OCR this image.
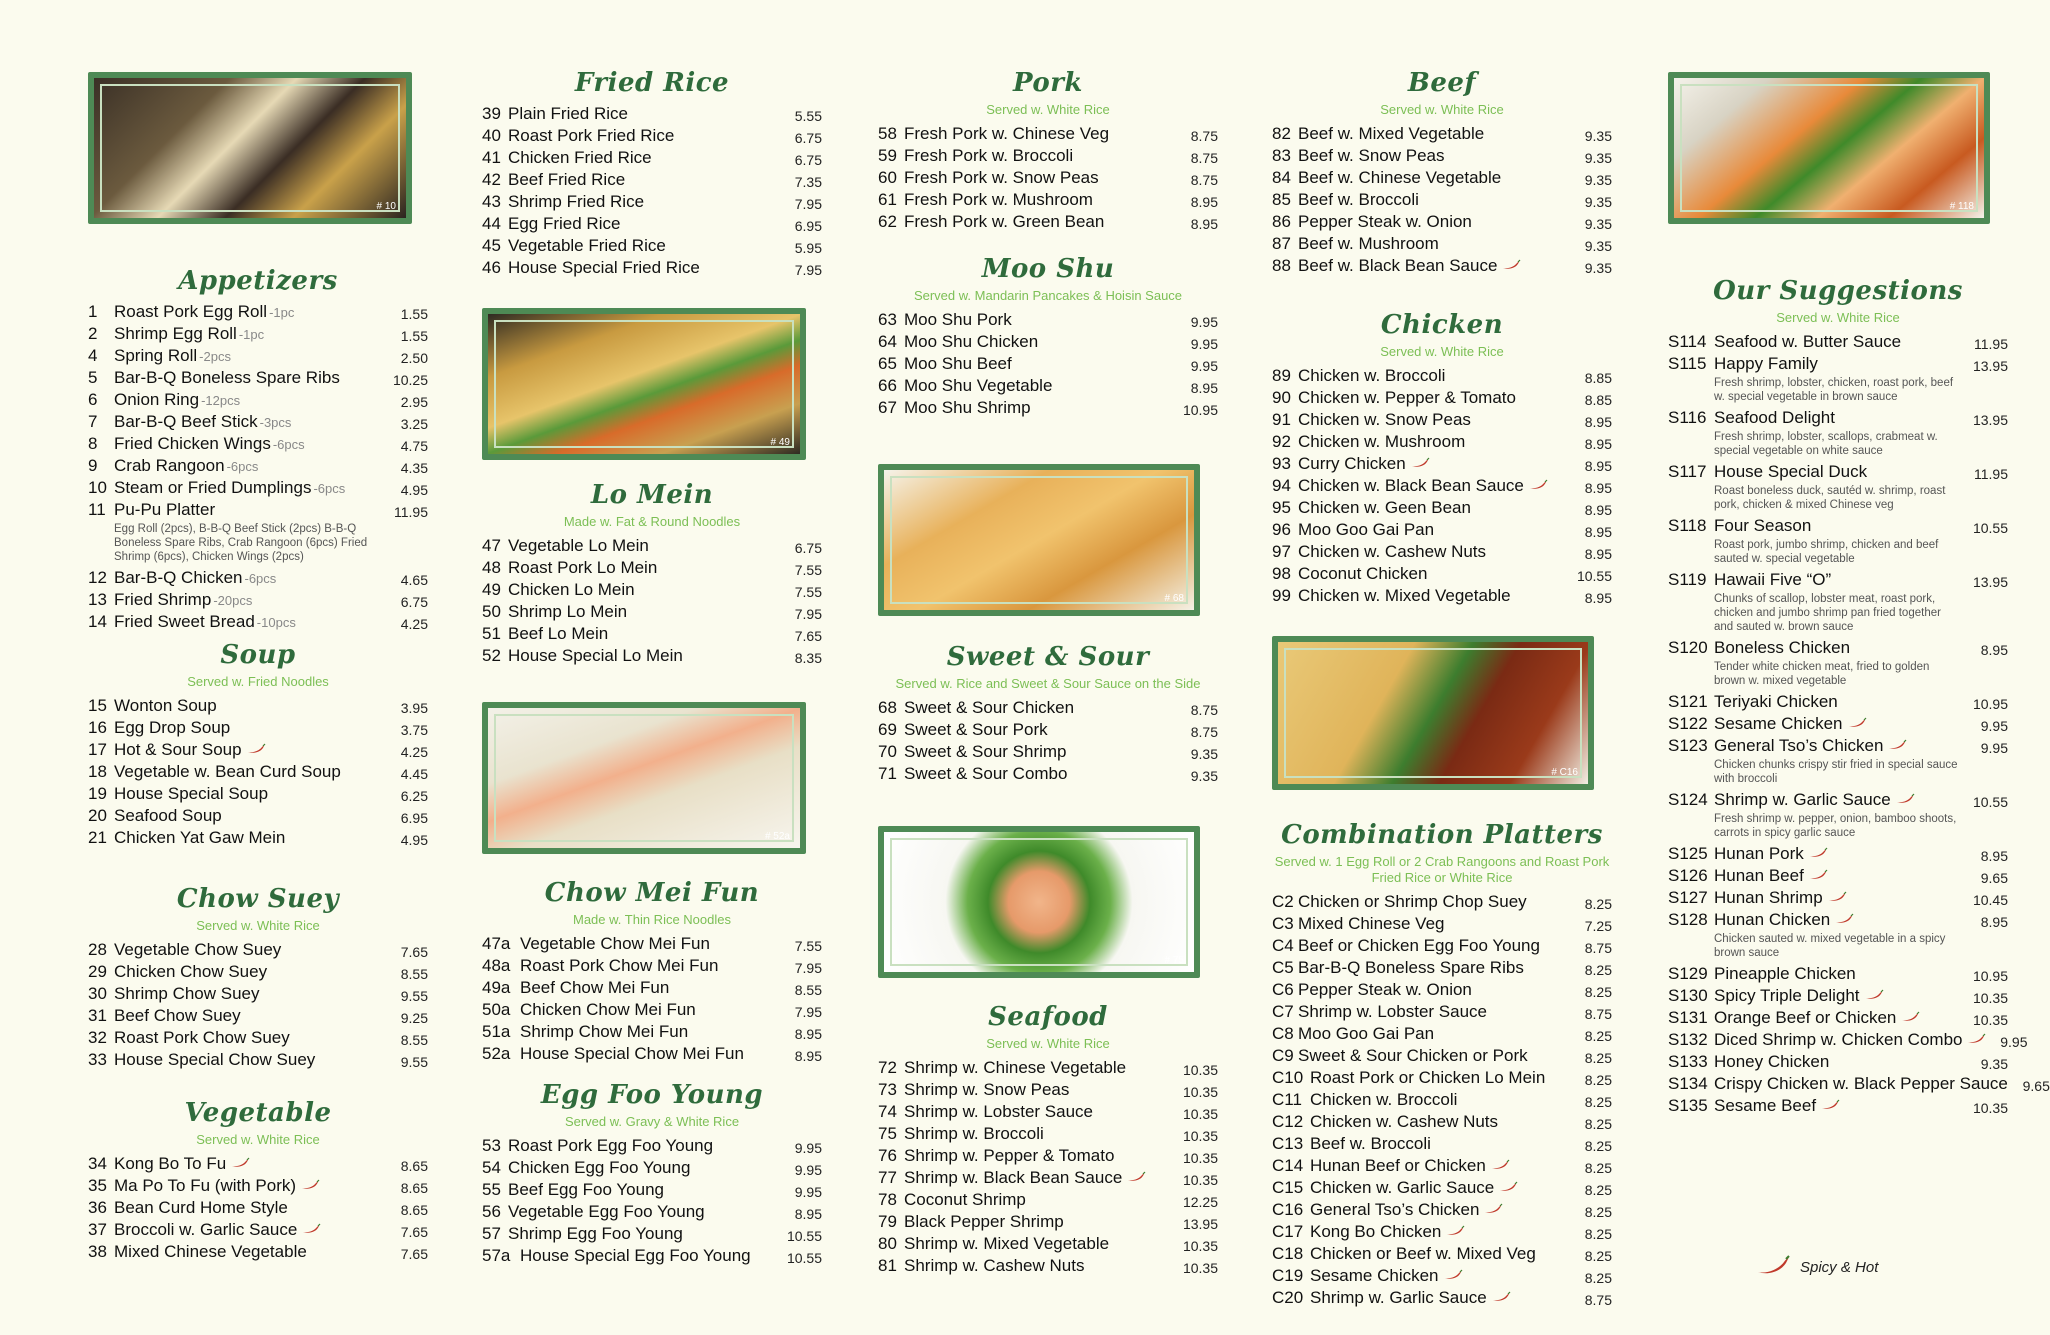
# 10
Appetizers
1 Roast Pork Egg Roll -1pc	1.55
2 Shrimp Egg Roll -1pc	1.55
4 Spring Roll -2pcs	2.50
5 Bar-B-Q Boneless Spare Ribs	10.25
6 Onion Ring -12pcs	2.95
7 Bar-B-Q Beef Stick -3pcs	3.25
8 Fried Chicken Wings -6pcs	4.75
9 Crab Rangoon -6pcs	4.35
10 Steam or Fried Dumplings -6pcs	4.95
11 Pu-Pu Platter	11.95
Egg Roll (2pcs), B-B-Q Beef Stick (2pcs) B-B-Q Boneless Spare Ribs, Crab Rangoon (6pcs) Fried Shrimp (6pcs), Chicken Wings (2pcs)
12 Bar-B-Q Chicken -6pcs	4.65
13 Fried Shrimp -20pcs	6.75
14 Fried Sweet Bread -10pcs	4.25
Soup
Served w. Fried Noodles
15 Wonton Soup	3.95
16 Egg Drop Soup	3.75
17 Hot & Sour Soup	4.25
18 Vegetable w. Bean Curd Soup	4.45
19 House Special Soup	6.25
20 Seafood Soup	6.95
21 Chicken Yat Gaw Mein	4.95
Chow Suey
Served w. White Rice
28 Vegetable Chow Suey	7.65
29 Chicken Chow Suey	8.55
30 Shrimp Chow Suey	9.55
31 Beef Chow Suey	9.25
32 Roast Pork Chow Suey	8.55
33 House Special Chow Suey	9.55
Vegetable
Served w. White Rice
34 Kong Bo To Fu	8.65
35 Ma Po To Fu (with Pork)	8.65
36 Bean Curd Home Style	8.65
37 Broccoli w. Garlic Sauce	7.65
38 Mixed Chinese Vegetable	7.65
Fried Rice
39 Plain Fried Rice	5.55
40 Roast Pork Fried Rice	6.75
41 Chicken Fried Rice	6.75
42 Beef Fried Rice	7.35
43 Shrimp Fried Rice	7.95
44 Egg Fried Rice	6.95
45 Vegetable Fried Rice	5.95
46 House Special Fried Rice	7.95
# 49
Lo Mein
Made w. Fat & Round Noodles
47 Vegetable Lo Mein	6.75
48 Roast Pork Lo Mein	7.55
49 Chicken Lo Mein	7.55
50 Shrimp Lo Mein	7.95
51 Beef Lo Mein	7.65
52 House Special Lo Mein	8.35
# 52a
Chow Mei Fun
Made w. Thin Rice Noodles
47a Vegetable Chow Mei Fun	7.55
48a Roast Pork Chow Mei Fun	7.95
49a Beef Chow Mei Fun	8.55
50a Chicken Chow Mei Fun	7.95
51a Shrimp Chow Mei Fun	8.95
52a House Special Chow Mei Fun	8.95
Egg Foo Young
Served w. Gravy & White Rice
53 Roast Pork Egg Foo Young	9.95
54 Chicken Egg Foo Young	9.95
55 Beef Egg Foo Young	9.95
56 Vegetable Egg Foo Young	8.95
57 Shrimp Egg Foo Young	10.55
57a House Special Egg Foo Young	10.55
Pork
Served w. White Rice
58 Fresh Pork w. Chinese Veg	8.75
59 Fresh Pork w. Broccoli	8.75
60 Fresh Pork w. Snow Peas	8.75
61 Fresh Pork w. Mushroom	8.95
62 Fresh Pork w. Green Bean	8.95
Moo Shu
Served w. Mandarin Pancakes & Hoisin Sauce
63 Moo Shu Pork	9.95
64 Moo Shu Chicken	9.95
65 Moo Shu Beef	9.95
66 Moo Shu Vegetable	8.95
67 Moo Shu Shrimp	10.95
# 68
Sweet & Sour
Served w. Rice and Sweet & Sour Sauce on the Side
68 Sweet & Sour Chicken	8.75
69 Sweet & Sour Pork	8.75
70 Sweet & Sour Shrimp	9.35
71 Sweet & Sour Combo	9.35
# 75
Seafood
Served w. White Rice
72 Shrimp w. Chinese Vegetable	10.35
73 Shrimp w. Snow Peas	10.35
74 Shrimp w. Lobster Sauce	10.35
75 Shrimp w. Broccoli	10.35
76 Shrimp w. Pepper & Tomato	10.35
77 Shrimp w. Black Bean Sauce	10.35
78 Coconut Shrimp	12.25
79 Black Pepper Shrimp	13.95
80 Shrimp w. Mixed Vegetable	10.35
81 Shrimp w. Cashew Nuts	10.35
Beef
Served w. White Rice
82 Beef w. Mixed Vegetable	9.35
83 Beef w. Snow Peas	9.35
84 Beef w. Chinese Vegetable	9.35
85 Beef w. Broccoli	9.35
86 Pepper Steak w. Onion	9.35
87 Beef w. Mushroom	9.35
88 Beef w. Black Bean Sauce	9.35
Chicken
Served w. White Rice
89 Chicken w. Broccoli	8.85
90 Chicken w. Pepper & Tomato	8.85
91 Chicken w. Snow Peas	8.95
92 Chicken w. Mushroom	8.95
93 Curry Chicken	8.95
94 Chicken w. Black Bean Sauce	8.95
95 Chicken w. Geen Bean	8.95
96 Moo Goo Gai Pan	8.95
97 Chicken w. Cashew Nuts	8.95
98 Coconut Chicken	10.55
99 Chicken w. Mixed Vegetable	8.95
# C16
Combination Platters
Served w. 1 Egg Roll or 2 Crab Rangoons and Roast Pork Fried Rice or White Rice
C2 Chicken or Shrimp Chop Suey	8.25
C3 Mixed Chinese Veg	7.25
C4 Beef or Chicken Egg Foo Young	8.75
C5 Bar-B-Q Boneless Spare Ribs	8.25
C6 Pepper Steak w. Onion	8.25
C7 Shrimp w. Lobster Sauce	8.75
C8 Moo Goo Gai Pan	8.25
C9 Sweet & Sour Chicken or Pork	8.25
C10 Roast Pork or Chicken Lo Mein	8.25
C11 Chicken w. Broccoli	8.25
C12 Chicken w. Cashew Nuts	8.25
C13 Beef w. Broccoli	8.25
C14 Hunan Beef or Chicken	8.25
C15 Chicken w. Garlic Sauce	8.25
C16 General Tso’s Chicken	8.25
C17 Kong Bo Chicken	8.25
C18 Chicken or Beef w. Mixed Veg	8.25
C19 Sesame Chicken	8.25
C20 Shrimp w. Garlic Sauce	8.75
# 118
Our Suggestions
Served w. White Rice
S114 Seafood w. Butter Sauce	11.95
S115 Happy Family	13.95
Fresh shrimp, lobster, chicken, roast pork, beef w. special vegetable in brown sauce
S116 Seafood Delight	13.95
Fresh shrimp, lobster, scallops, crabmeat w. special vegetable on white sauce
S117 House Special Duck	11.95
Roast boneless duck, sautéd w. shrimp, roast pork, chicken & mixed Chinese veg
S118 Four Season	10.55
Roast pork, jumbo shrimp, chicken and beef sauted w. special vegetable
S119 Hawaii Five “O”	13.95
Chunks of scallop, lobster meat, roast pork, chicken and jumbo shrimp pan fried together and sauted w. brown sauce
S120 Boneless Chicken	8.95
Tender white chicken meat, fried to golden brown w. mixed vegetable
S121 Teriyaki Chicken	10.95
S122 Sesame Chicken	9.95
S123 General Tso’s Chicken	9.95
Chicken chunks crispy stir fried in special sauce with broccoli
S124 Shrimp w. Garlic Sauce	10.55
Fresh shrimp w. pepper, onion, bamboo shoots, carrots in spicy garlic sauce
S125 Hunan Pork	8.95
S126 Hunan Beef	9.65
S127 Hunan Shrimp	10.45
S128 Hunan Chicken	8.95
Chicken sauted w. mixed vegetable in a spicy brown sauce
S129 Pineapple Chicken	10.95
S130 Spicy Triple Delight	10.35
S131 Orange Beef or Chicken	10.35
S132 Diced Shrimp w. Chicken Combo	9.95
S133 Honey Chicken	9.35
S134 Crispy Chicken w. Black Pepper Sauce	9.65
S135 Sesame Beef	10.35
Spicy & Hot
